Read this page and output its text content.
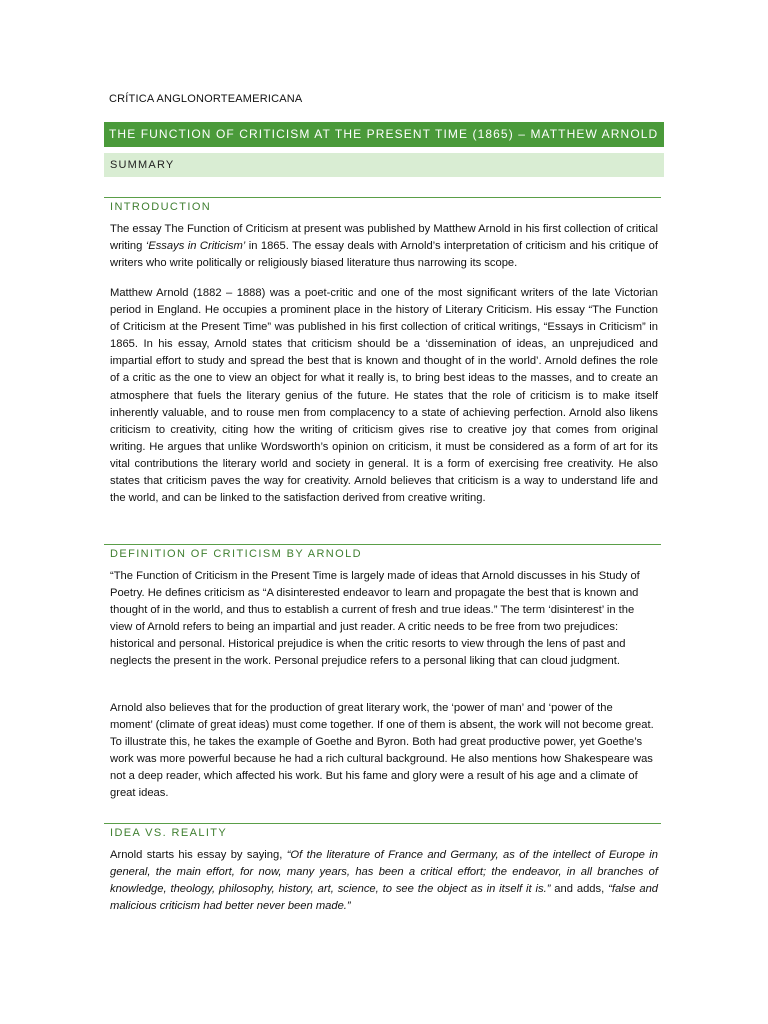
CRÍTICA ANGLONORTEAMERICANA
THE FUNCTION OF CRITICISM AT THE PRESENT TIME (1865) – MATTHEW ARNOLD
SUMMARY
INTRODUCTION

The essay The Function of Criticism at present was published by Matthew Arnold in his first collection of critical writing ‘Essays in Criticism’ in 1865. The essay deals with Arnold’s interpretation of criticism and his critique of writers who write politically or religiously biased literature thus narrowing its scope.

Matthew Arnold (1882 – 1888) was a poet-critic and one of the most significant writers of the late Victorian period in England. He occupies a prominent place in the history of Literary Criticism. His essay “The Function of Criticism at the Present Time” was published in his first collection of critical writings, “Essays in Criticism” in 1865. In his essay, Arnold states that criticism should be a ‘dissemination of ideas, an unprejudiced and impartial effort to study and spread the best that is known and thought of in the world’. Arnold defines the role of a critic as the one to view an object for what it really is, to bring best ideas to the masses, and to create an atmosphere that fuels the literary genius of the future. He states that the role of criticism is to make itself inherently valuable, and to rouse men from complacency to a state of achieving perfection. Arnold also likens criticism to creativity, citing how the writing of criticism gives rise to creative joy that comes from original writing. He argues that unlike Wordsworth’s opinion on criticism, it must be considered as a form of art for its vital contributions the literary world and society in general. It is a form of exercising free creativity. He also states that criticism paves the way for creativity. Arnold believes that criticism is a way to understand life and the world, and can be linked to the satisfaction derived from creative writing.

DEFINITION OF CRITICISM BY ARNOLD

“The Function of Criticism in the Present Time is largely made of ideas that Arnold discusses in his Study of Poetry. He defines criticism as “A disinterested endeavor to learn and propagate the best that is known and thought of in the world, and thus to establish a current of fresh and true ideas.” The term ‘disinterest’ in the view of Arnold refers to being an impartial and just reader. A critic needs to be free from two prejudices: historical and personal. Historical prejudice is when the critic resorts to view through the lens of past and neglects the present in the work. Personal prejudice refers to a personal liking that can cloud judgment.

Arnold also believes that for the production of great literary work, the ‘power of man’ and ‘power of the moment’ (climate of great ideas) must come together. If one of them is absent, the work will not become great. To illustrate this, he takes the example of Goethe and Byron. Both had great productive power, yet Goethe’s work was more powerful because he had a rich cultural background. He also mentions how Shakespeare was not a deep reader, which affected his work. But his fame and glory were a result of his age and a climate of great ideas.

IDEA VS. REALITY

Arnold starts his essay by saying, “Of the literature of France and Germany, as of the intellect of Europe in general, the main effort, for now, many years, has been a critical effort; the endeavor, in all branches of knowledge, theology, philosophy, history, art, science, to see the object as in itself it is.” and adds, “false and malicious criticism had better never been made.”
